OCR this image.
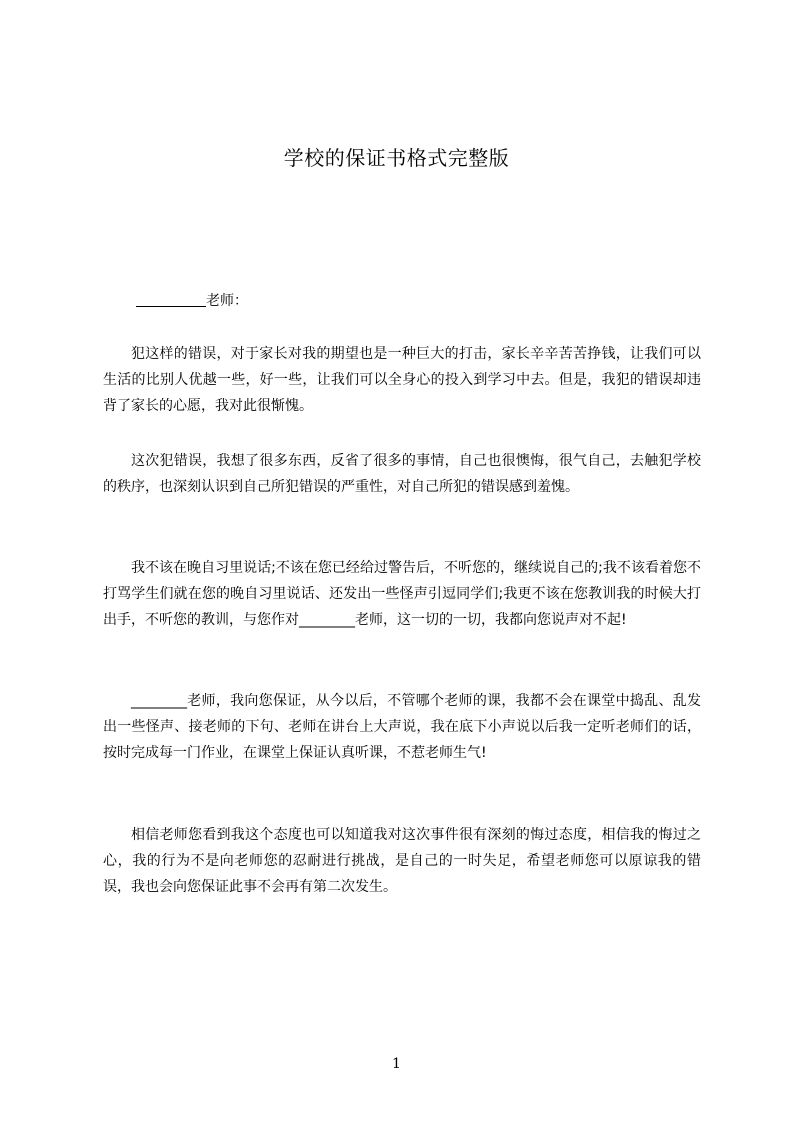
学校的保证书格式完整版
老师：

犯这样的错误，对于家长对我的期望也是一种巨大的打击，家长辛辛苦苦挣钱，让我们可以生活的比别人优越一些，好一些，让我们可以全身心的投入到学习中去。但是，我犯的错误却违背了家长的心愿，我对此很惭愧。

这次犯错误，我想了很多东西，反省了很多的事情，自己也很懊悔，很气自己，去触犯学校的秩序，也深刻认识到自己所犯错误的严重性，对自己所犯的错误感到羞愧。

我不该在晚自习里说话;不该在您已经给过警告后，不听您的，继续说自己的;我不该看着您不打骂学生们就在您的晚自习里说话、还发出一些怪声引逗同学们;我更不该在您教训我的时候大打出手，不听您的教训，与您作对________老师，这一切的一切，我都向您说声对不起!

________老师，我向您保证，从今以后，不管哪个老师的课，我都不会在课堂中捣乱、乱发出一些怪声、接老师的下句、老师在讲台上大声说，我在底下小声说以后我一定听老师们的话，按时完成每一门作业，在课堂上保证认真听课，不惹老师生气!

相信老师您看到我这个态度也可以知道我对这次事件很有深刻的悔过态度，相信我的悔过之心，我的行为不是向老师您的忍耐进行挑战，是自己的一时失足，希望老师您可以原谅我的错误，我也会向您保证此事不会再有第二次发生。

1
